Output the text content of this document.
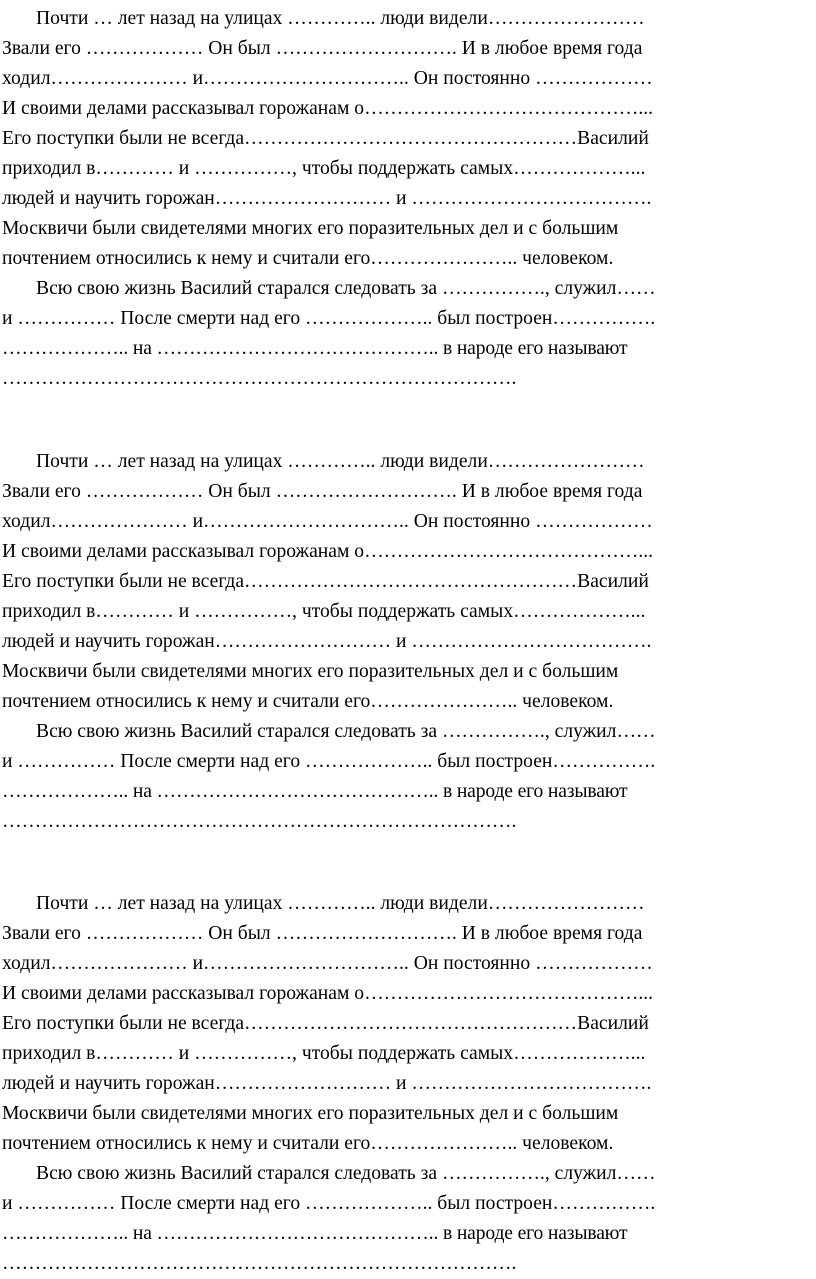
Почти … лет назад на улицах ………….. люди видели……………………
Звали его ……………… Он был ………………………. И в любое время года
ходил………………… и………………………….. Он постоянно ………………
И своими делами рассказывал горожанам о……………………………………...
Его поступки были не всегда……………………………………………Василий
приходил в………… и ……………, чтобы поддержать самых………………...
людей и научить горожан……………………… и ……………………………….
Москвичи были свидетелями многих его поразительных дел и с большим
почтением относились к нему и считали его………………….. человеком.
Всю свою жизнь Василий старался следовать за ……………., служил……
и …………… После смерти над его ……………….. был построен…………….
……………….. на …………………………………….. в народе его называют
…………………………………………………………………….
Почти … лет назад на улицах ………….. люди видели……………………
Звали его ……………… Он был ………………………. И в любое время года
ходил………………… и………………………….. Он постоянно ………………
И своими делами рассказывал горожанам о……………………………………...
Его поступки были не всегда……………………………………………Василий
приходил в………… и ……………, чтобы поддержать самых………………...
людей и научить горожан……………………… и ……………………………….
Москвичи были свидетелями многих его поразительных дел и с большим
почтением относились к нему и считали его………………….. человеком.
Всю свою жизнь Василий старался следовать за ……………., служил……
и …………… После смерти над его ……………….. был построен…………….
……………….. на …………………………………….. в народе его называют
…………………………………………………………………….
Почти … лет назад на улицах ………….. люди видели……………………
Звали его ……………… Он был ………………………. И в любое время года
ходил………………… и………………………….. Он постоянно ………………
И своими делами рассказывал горожанам о……………………………………...
Его поступки были не всегда……………………………………………Василий
приходил в………… и ……………, чтобы поддержать самых………………...
людей и научить горожан……………………… и ……………………………….
Москвичи были свидетелями многих его поразительных дел и с большим
почтением относились к нему и считали его………………….. человеком.
Всю свою жизнь Василий старался следовать за ……………., служил……
и …………… После смерти над его ……………….. был построен…………….
……………….. на …………………………………….. в народе его называют
…………………………………………………………………….
